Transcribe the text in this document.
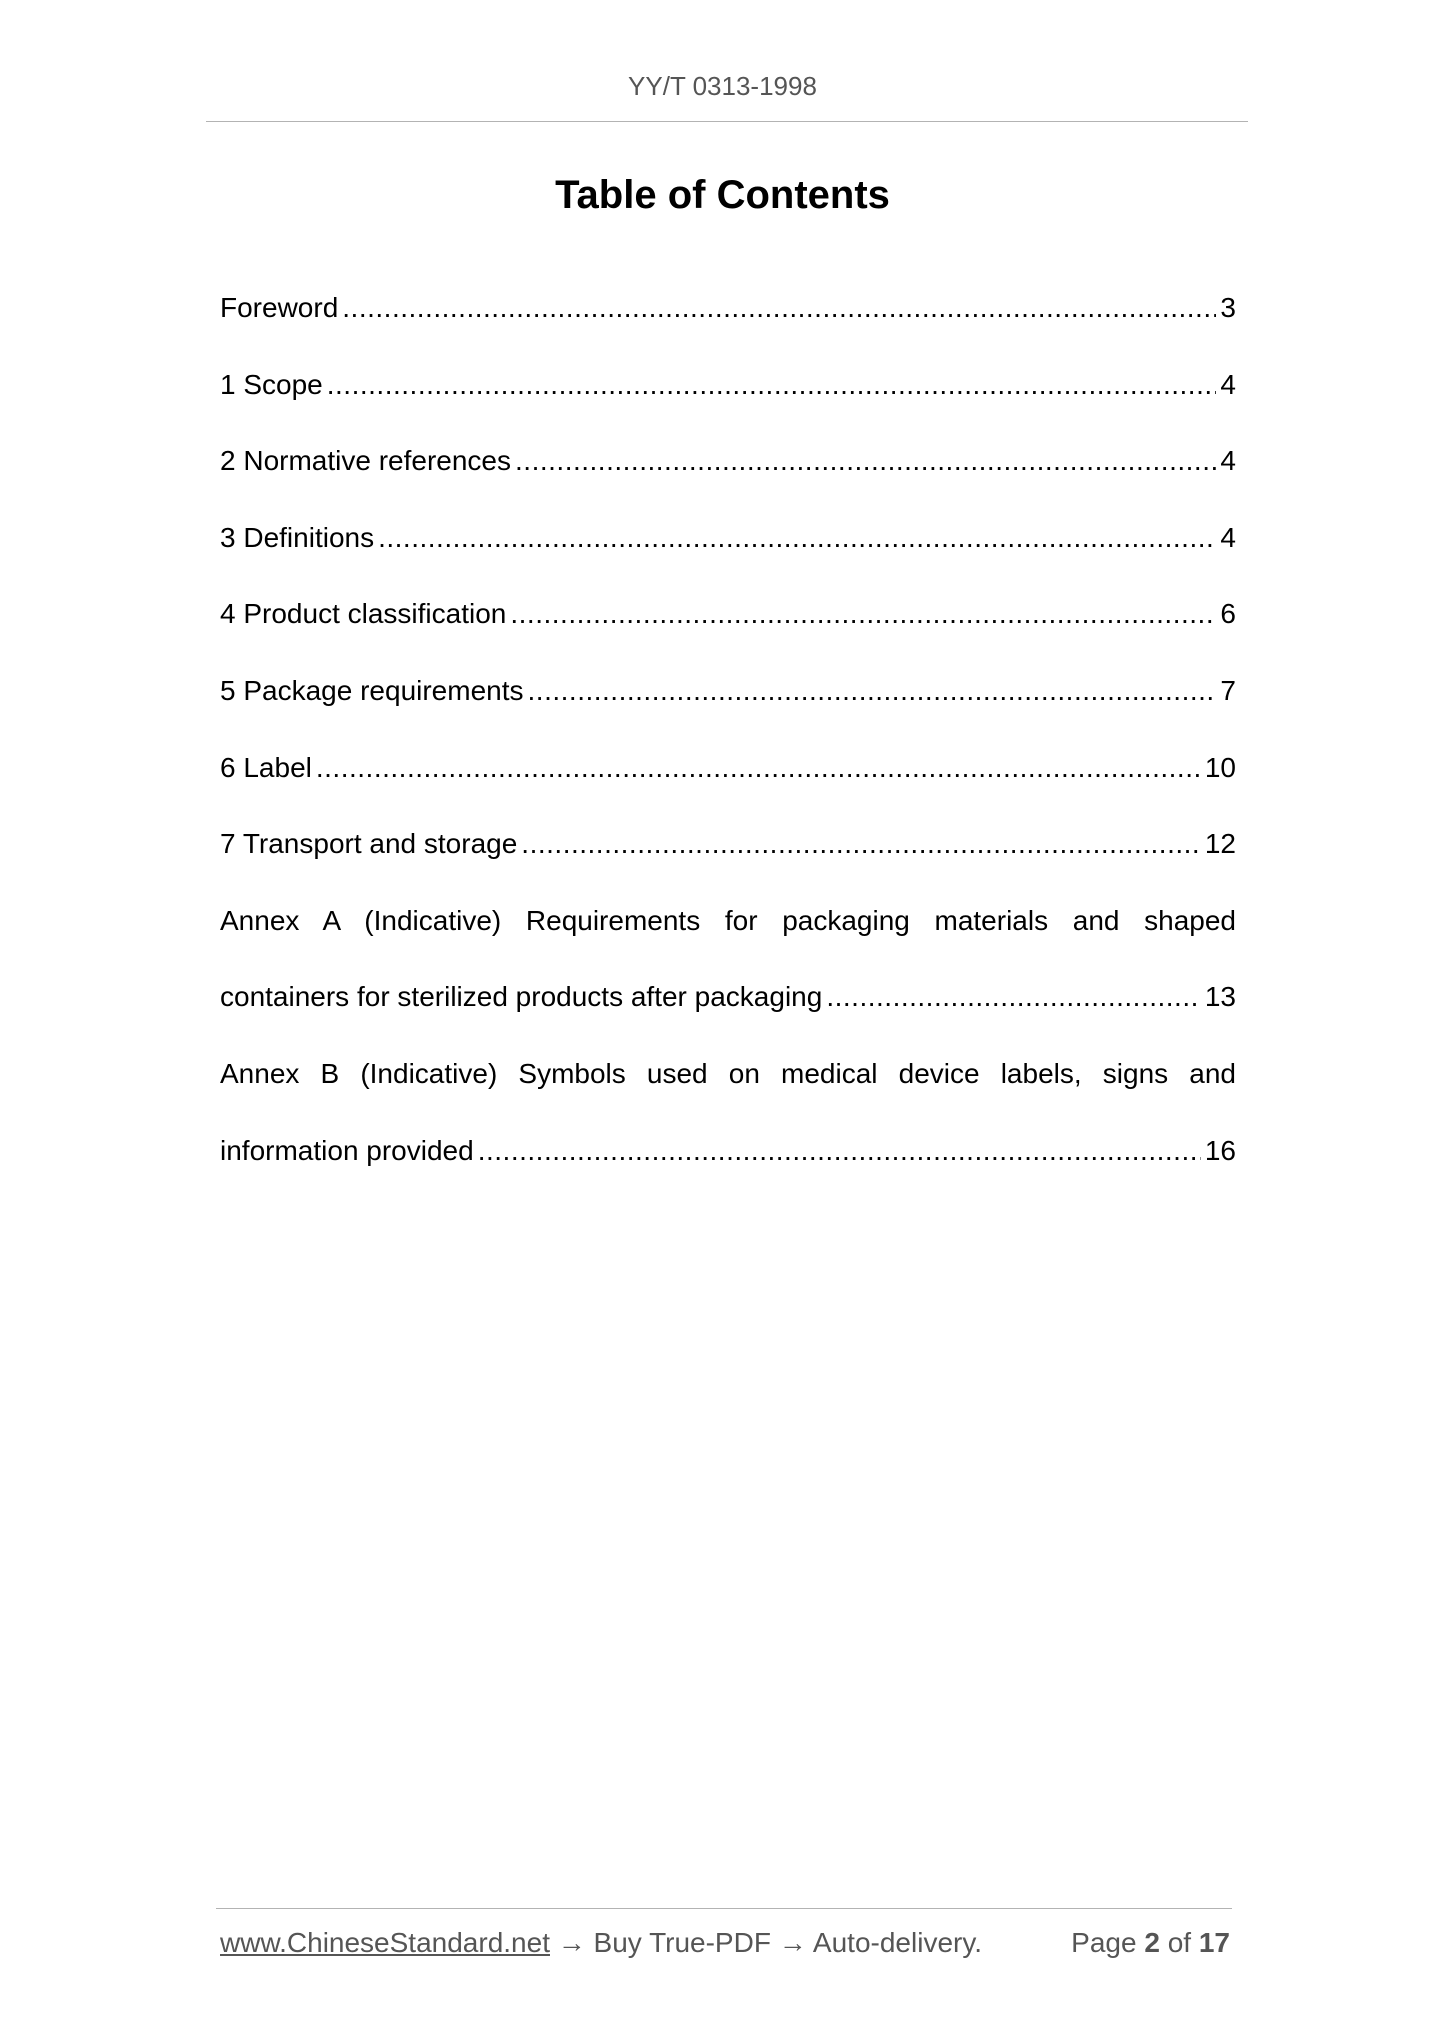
YY/T 0313-1998
Table of Contents
Foreword .....	3
1 Scope .....	4
2 Normative references .....	4
3 Definitions .....	4
4 Product classification .....	6
5 Package requirements .....	7
6 Label .....	10
7 Transport and storage .....	12
Annex A (Indicative) Requirements for packaging materials and shaped
containers for sterilized products after packaging .....	13
Annex B (Indicative) Symbols used on medical device labels, signs and
information provided .....	16
www.ChineseStandard.net → Buy True-PDF → Auto-delivery.	Page 2 of 17
